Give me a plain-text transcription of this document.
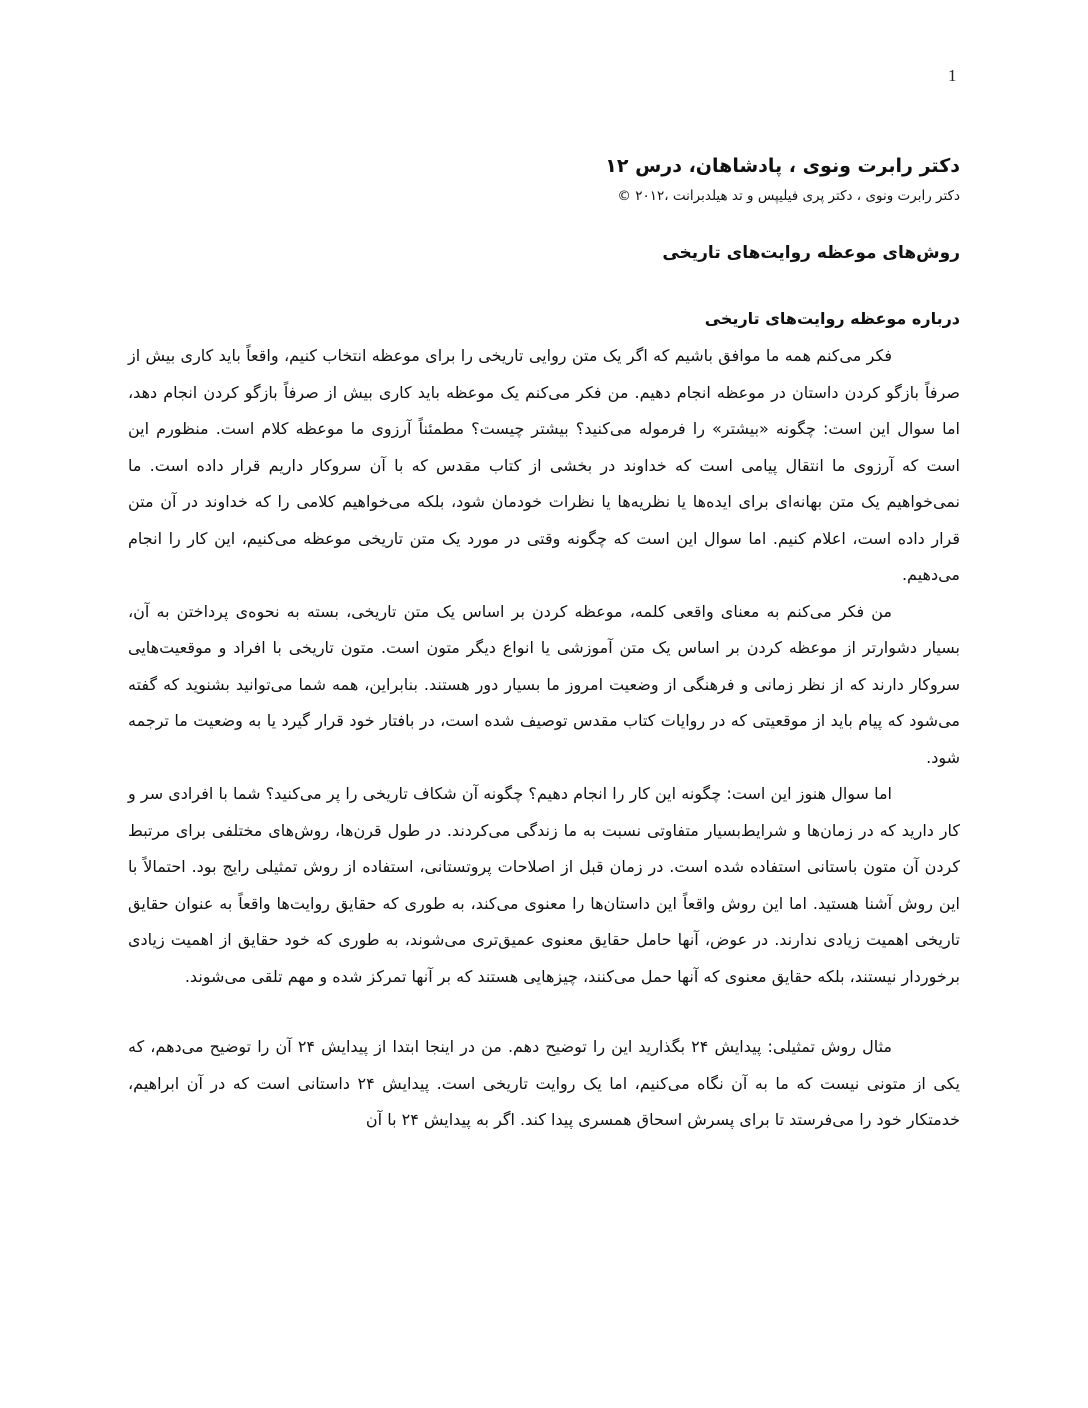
1
دکتر رابرت ونوی ، پادشاهان، درس ۱۲

دکتر رابرت ونوی ، دکتر پری فیلیپس و تد هیلدبرانت ،۲۰۱۲ ©

روش‌های موعظه روایت‌های تاریخی
درباره موعظه روایت‌های تاریخی

فکر می‌کنم همه ما موافق باشیم که اگر یک متن روایی تاریخی را برای موعظه انتخاب کنیم، واقعاً باید کاری بیش از صرفاً بازگو کردن داستان در موعظه انجام دهیم. من فکر می‌کنم یک موعظه باید کاری بیش از صرفاً بازگو کردن انجام دهد، اما سوال این است: چگونه «بیشتر» را فرموله می‌کنید؟ بیشتر چیست؟ مطمئناً آرزوی ما موعظه کلام است. منظورم این است که آرزوی ما انتقال پیامی است که خداوند در بخشی از کتاب مقدس که با آن سروکار داریم قرار داده است. ما نمی‌خواهیم یک متن بهانه‌ای برای ایده‌ها یا نظریه‌ها یا نظرات خودمان شود، بلکه می‌خواهیم کلامی را که خداوند در آن متن قرار داده است، اعلام کنیم. اما سوال این است که چگونه وقتی در مورد یک متن تاریخی موعظه می‌کنیم، این کار را انجام می‌دهیم.

من فکر می‌کنم به معنای واقعی کلمه، موعظه کردن بر اساس یک متن تاریخی، بسته به نحوه‌ی پرداختن به آن، بسیار دشوارتر از موعظه کردن بر اساس یک متن آموزشی یا انواع دیگر متون است. متون تاریخی با افراد و موقعیت‌هایی سروکار دارند که از نظر زمانی و فرهنگی از وضعیت امروز ما بسیار دور هستند. بنابراین، همه شما می‌توانید بشنوید که گفته می‌شود که پیام باید از موقعیتی که در روایات کتاب مقدس توصیف شده است، در بافتار خود قرار گیرد یا به وضعیت ما ترجمه شود.

اما سوال هنوز این است: چگونه این کار را انجام دهیم؟ چگونه آن شکاف تاریخی را پر می‌کنید؟ شما با افرادی سر و کار دارید که در زمان‌ها و شرایط‌بسیار متفاوتی نسبت به ما زندگی می‌کردند. در طول قرن‌ها، روش‌های مختلفی برای مرتبط کردن آن متون باستانی استفاده شده است. در زمان قبل از اصلاحات پروتستانی، استفاده از روش تمثیلی رایج بود. احتمالاً با این روش آشنا هستید. اما این روش واقعاً این داستان‌ها را معنوی می‌کند، به طوری که حقایق روایت‌ها واقعاً به عنوان حقایق تاریخی اهمیت زیادی ندارند. در عوض، آنها حامل حقایق معنوی عمیق‌تری می‌شوند، به طوری که خود حقایق از اهمیت زیادی برخوردار نیستند، بلکه حقایق معنوی که آنها حمل می‌کنند، چیزهایی هستند که بر آنها تمرکز شده و مهم تلقی می‌شوند.

مثال روش تمثیلی: پیدایش ۲۴ بگذارید این را توضیح دهم. من در اینجا ابتدا از پیدایش ۲۴ آن را توضیح می‌دهم، که یکی از متونی نیست که ما به آن نگاه می‌کنیم، اما یک روایت تاریخی است. پیدایش ۲۴ داستانی است که در آن ابراهیم، خدمتکار خود را می‌فرستد تا برای پسرش اسحاق همسری پیدا کند. اگر به پیدایش ۲۴ با آن
